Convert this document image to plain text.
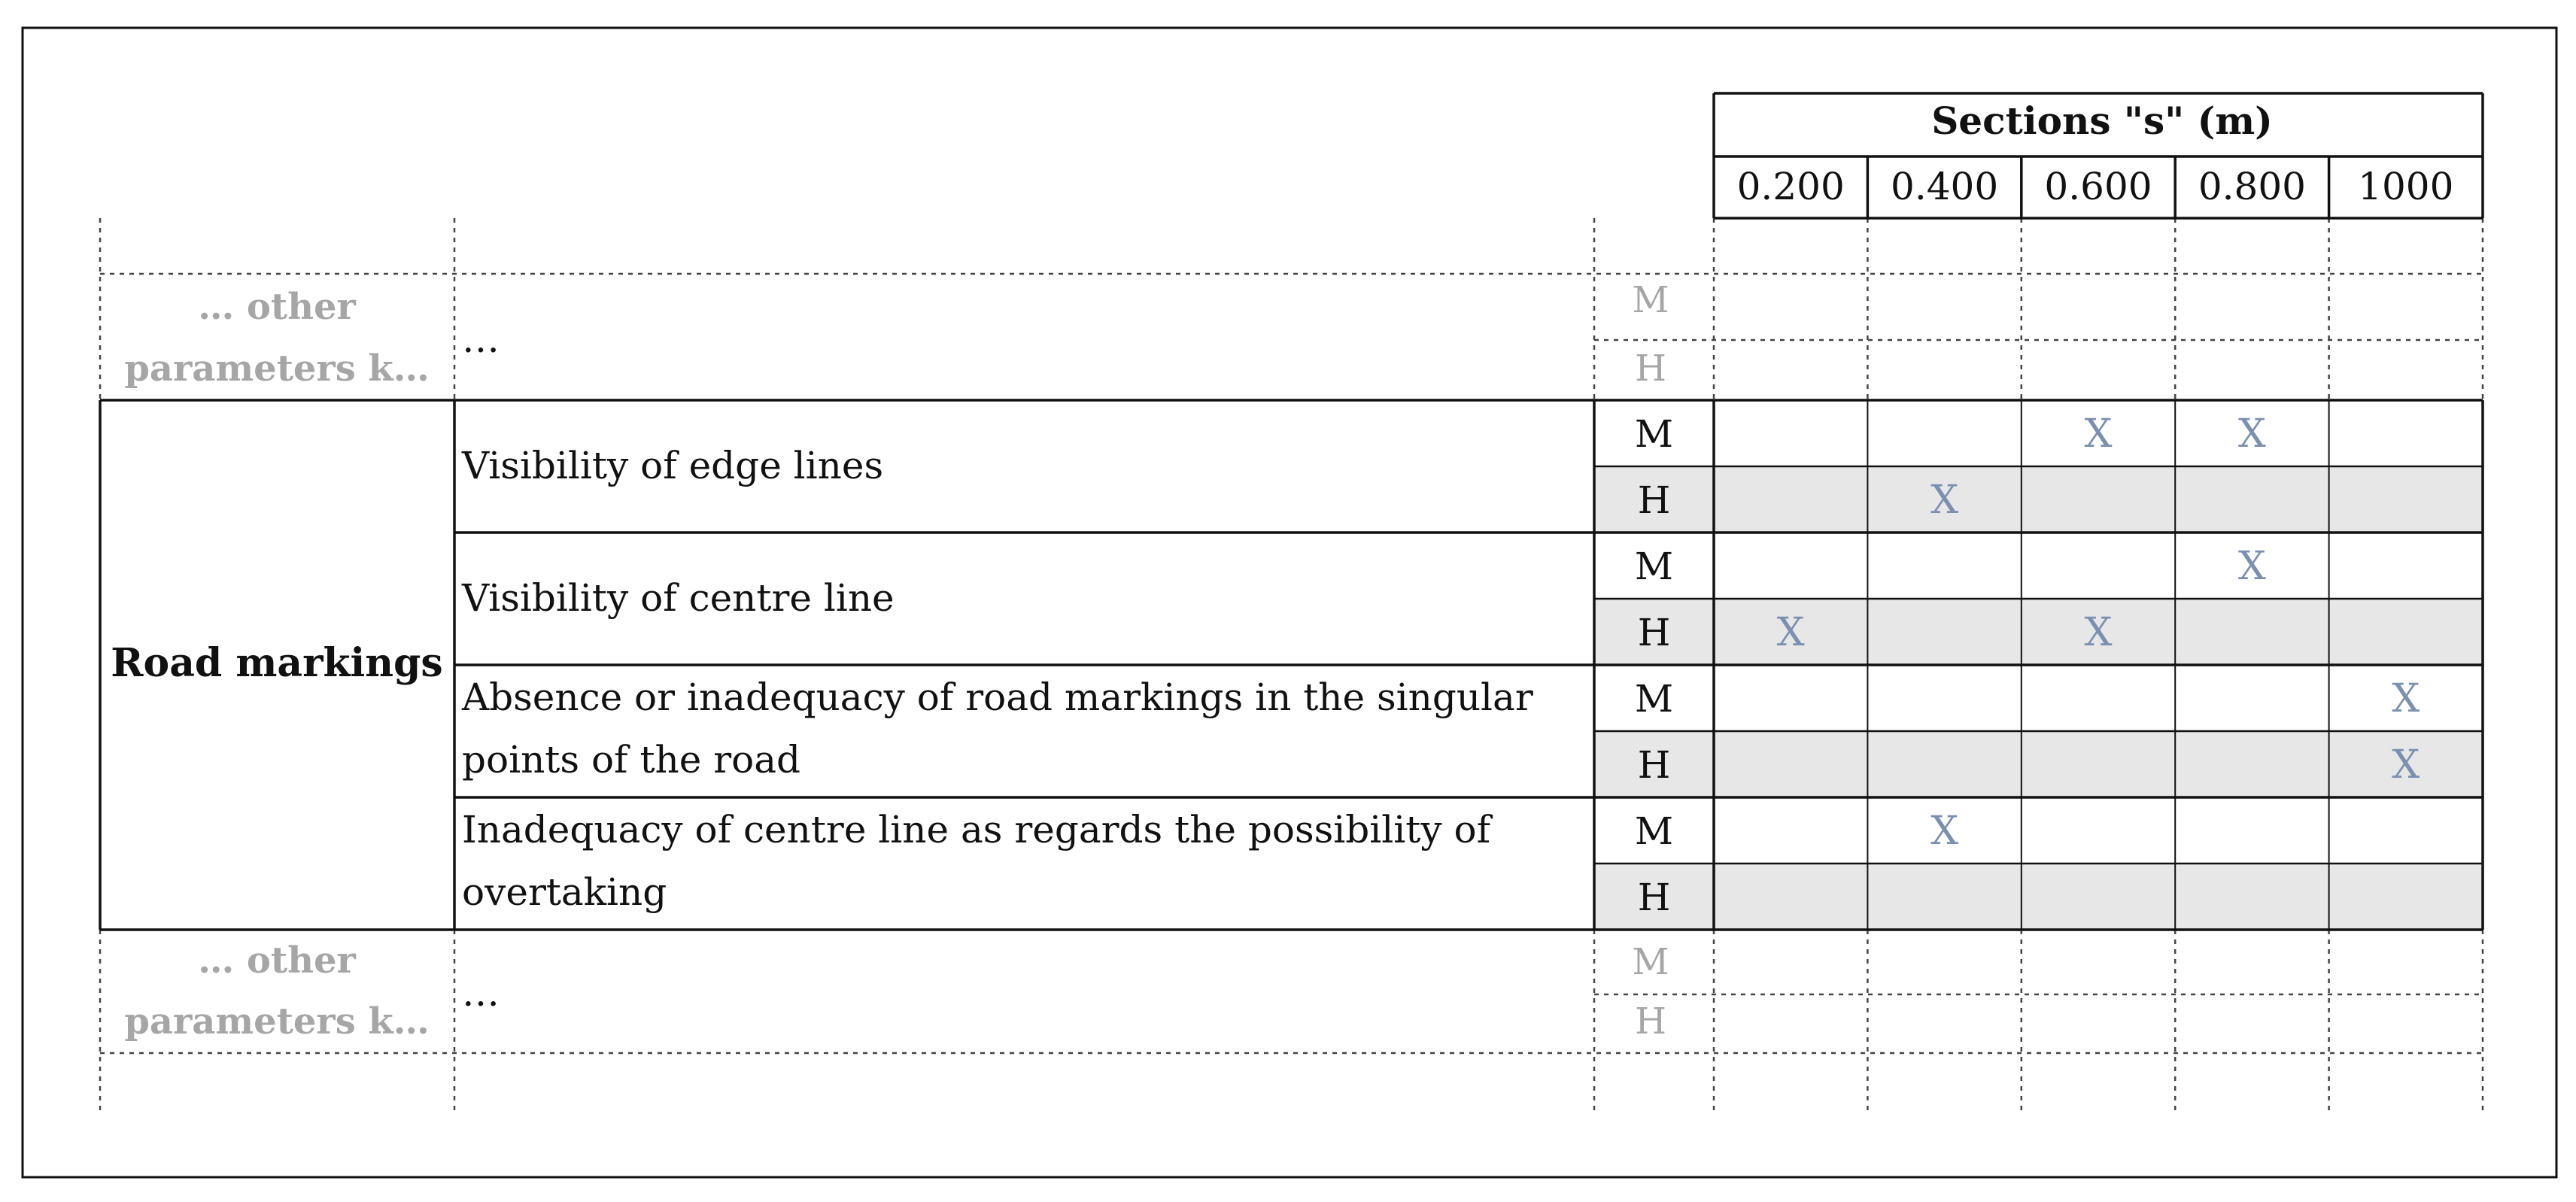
Sections "s" (m)
0.200 0.400 0.600 0.800 1000
… other
parameters k…
…
M
H
… other
parameters k…
…
M
H
Road markings
Visibility of edge lines
Visibility of centre line
Absence or inadequacy of road markings in the singular
points of the road
Inadequacy of centre line as regards the possibility of
overtaking
M
H
M
H
M
H
M
H
X	X
X
X
X	X
X
X
X
